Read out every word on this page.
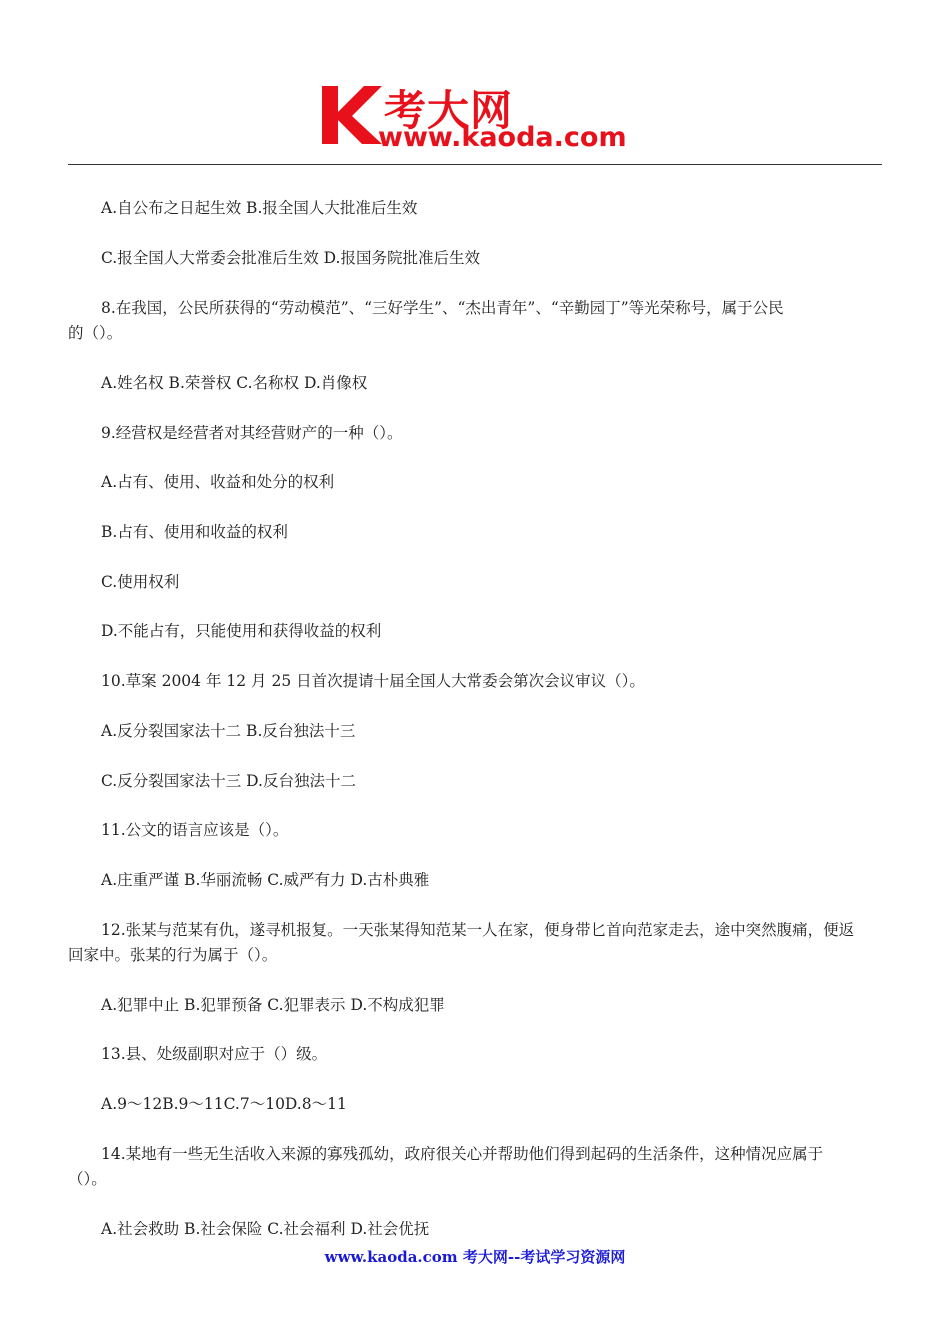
考大网
www.kaoda.com
A.自公布之日起生效 B.报全国人大批准后生效
C.报全国人大常委会批准后生效 D.报国务院批准后生效
8.在我国，公民所获得的“劳动模范”、“三好学生”、“杰出青年”、“辛勤园丁”等光荣称号，属于公民
的（）。
A.姓名权 B.荣誉权 C.名称权 D.肖像权
9.经营权是经营者对其经营财产的一种（）。
A.占有、使用、收益和处分的权利
B.占有、使用和收益的权利
C.使用权利
D.不能占有，只能使用和获得收益的权利
10.草案 2004 年 12 月 25 日首次提请十届全国人大常委会第次会议审议（）。
A.反分裂国家法十二 B.反台独法十三
C.反分裂国家法十三 D.反台独法十二
11.公文的语言应该是（）。
A.庄重严谨 B.华丽流畅 C.威严有力 D.古朴典雅
12.张某与范某有仇，遂寻机报复。一天张某得知范某一人在家，便身带匕首向范家走去，途中突然腹痛，便返
回家中。张某的行为属于（）。
A.犯罪中止 B.犯罪预备 C.犯罪表示 D.不构成犯罪
13.县、处级副职对应于（）级。
A.9～12B.9～11C.7～10D.8～11
14.某地有一些无生活收入来源的寡残孤幼，政府很关心并帮助他们得到起码的生活条件，这种情况应属于
（）。
A.社会救助 B.社会保险 C.社会福利 D.社会优抚
www.kaoda.com 考大网--考试学习资源网
